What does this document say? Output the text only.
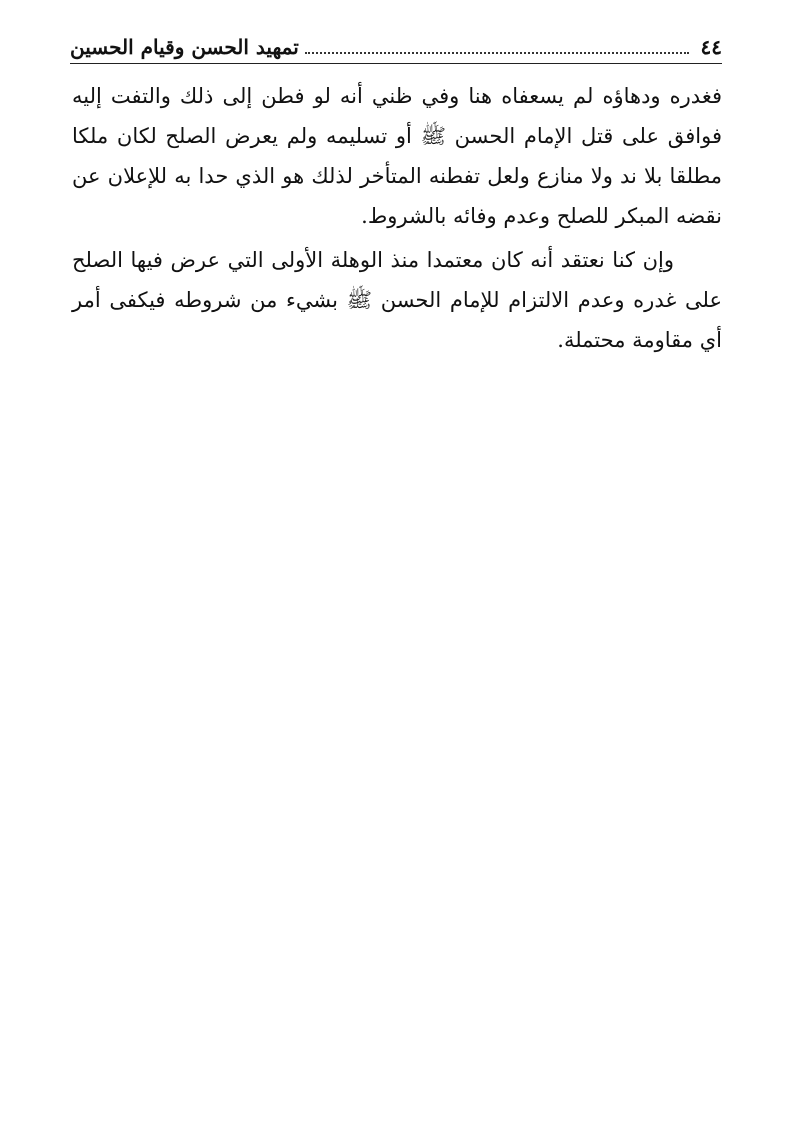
٤٤
تمهيد الحسن وقيام الحسين

فغدره ودهاؤه لم يسعفاه هنا وفي ظني أنه لو فطن إلى ذلك والتفت إليه فوافق على قتل الإمام الحسن ﷺ أو تسليمه ولم يعرض الصلح لكان ملكا مطلقا بلا ند ولا منازع ولعل تفطنه المتأخر لذلك هو الذي حدا به للإعلان عن نقضه المبكر للصلح وعدم وفائه بالشروط.

وإن كنا نعتقد أنه كان معتمدا منذ الوهلة الأولى التي عرض فيها الصلح على غدره وعدم الالتزام للإمام الحسن ﷺ بشيء من شروطه فيكفى أمر أي مقاومة محتملة.
